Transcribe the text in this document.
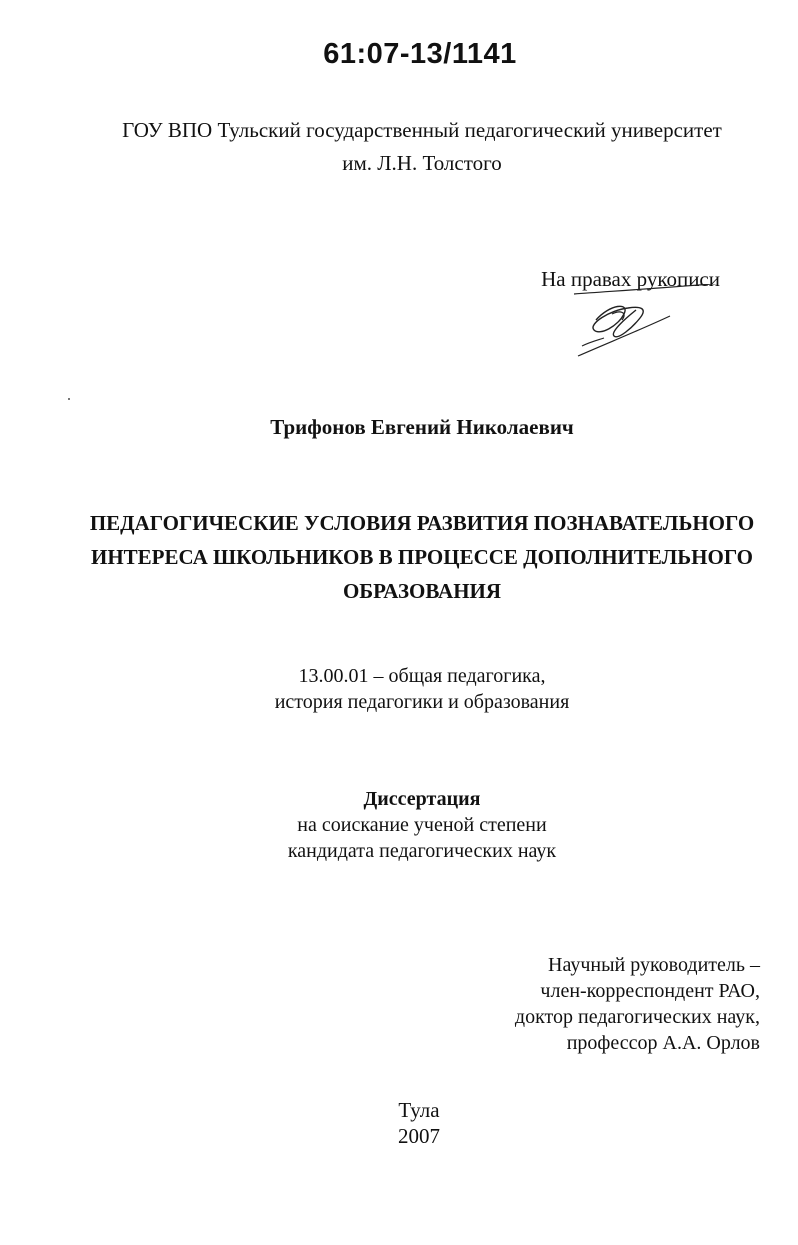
61:07-13/1141
ГОУ ВПО Тульский государственный педагогический университет
им. Л.Н. Толстого
На правах рукописи
Трифонов Евгений Николаевич
ПЕДАГОГИЧЕСКИЕ УСЛОВИЯ РАЗВИТИЯ ПОЗНАВАТЕЛЬНОГО
ИНТЕРЕСА ШКОЛЬНИКОВ В ПРОЦЕССЕ ДОПОЛНИТЕЛЬНОГО
ОБРАЗОВАНИЯ
13.00.01 – общая педагогика,
история педагогики и образования
Диссертация
на соискание ученой степени
кандидата педагогических наук
Научный руководитель –
член-корреспондент РАО,
доктор педагогических наук,
профессор А.А. Орлов
Тула
2007
